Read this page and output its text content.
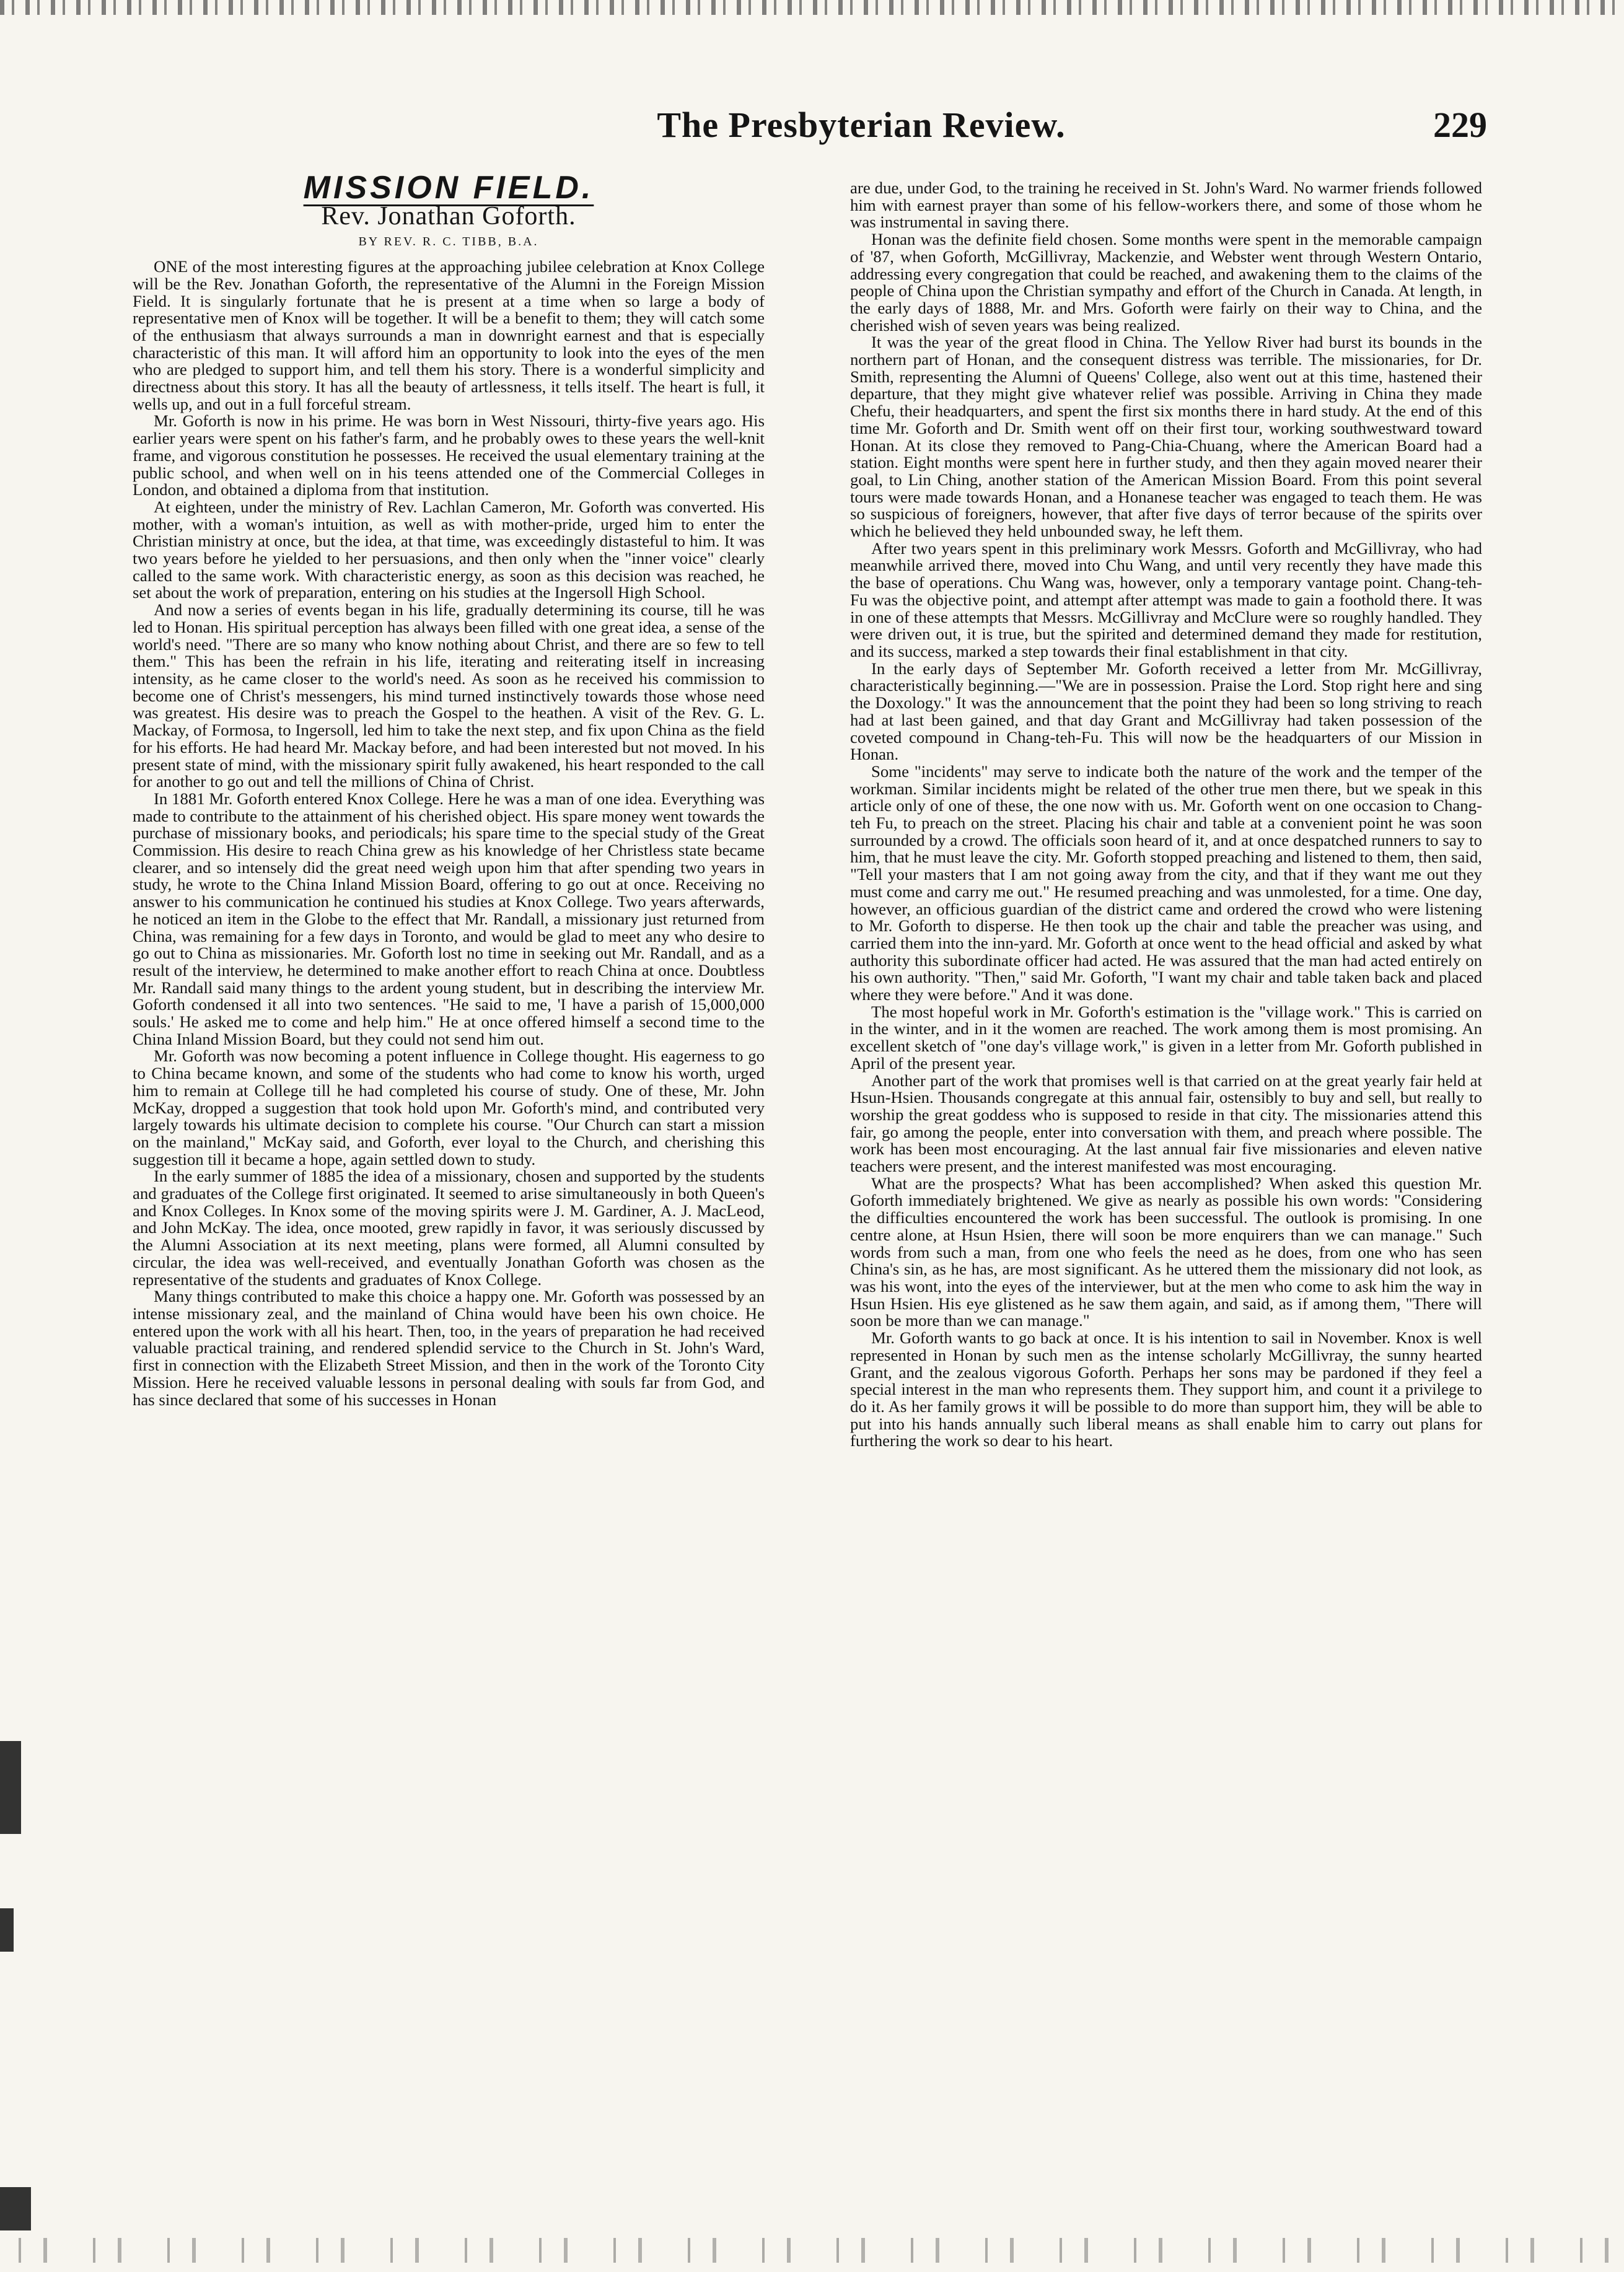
The Presbyterian Review.	229
MISSION FIELD.
Rev. Jonathan Goforth.
BY REV. R. C. TIBB, B.A.

ONE of the most interesting figures at the approaching jubilee celebration at Knox College will be the Rev. Jonathan Goforth, the representative of the Alumni in the Foreign Mission Field. It is singularly fortunate that he is present at a time when so large a body of representative men of Knox will be together. It will be a benefit to them; they will catch some of the enthusiasm that always surrounds a man in downright earnest and that is especially characteristic of this man. It will afford him an opportunity to look into the eyes of the men who are pledged to support him, and tell them his story. There is a wonderful simplicity and directness about this story. It has all the beauty of artlessness, it tells itself. The heart is full, it wells up, and out in a full forceful stream.

Mr. Goforth is now in his prime. He was born in West Nissouri, thirty-five years ago. His earlier years were spent on his father's farm, and he probably owes to these years the well-knit frame, and vigorous constitution he possesses. He received the usual elementary training at the public school, and when well on in his teens attended one of the Commercial Colleges in London, and obtained a diploma from that institution.

At eighteen, under the ministry of Rev. Lachlan Cameron, Mr. Goforth was converted. His mother, with a woman's intuition, as well as with mother-pride, urged him to enter the Christian ministry at once, but the idea, at that time, was exceedingly distasteful to him. It was two years before he yielded to her persuasions, and then only when the "inner voice" clearly called to the same work. With characteristic energy, as soon as this decision was reached, he set about the work of preparation, entering on his studies at the Ingersoll High School.

And now a series of events began in his life, gradually determining its course, till he was led to Honan. His spiritual perception has always been filled with one great idea, a sense of the world's need. "There are so many who know nothing about Christ, and there are so few to tell them." This has been the refrain in his life, iterating and reiterating itself in increasing intensity, as he came closer to the world's need. As soon as he received his commission to become one of Christ's messengers, his mind turned instinctively towards those whose need was greatest. His desire was to preach the Gospel to the heathen. A visit of the Rev. G. L. Mackay, of Formosa, to Ingersoll, led him to take the next step, and fix upon China as the field for his efforts. He had heard Mr. Mackay before, and had been interested but not moved. In his present state of mind, with the missionary spirit fully awakened, his heart responded to the call for another to go out and tell the millions of China of Christ.

In 1881 Mr. Goforth entered Knox College. Here he was a man of one idea. Everything was made to contribute to the attainment of his cherished object. His spare money went towards the purchase of missionary books, and periodicals; his spare time to the special study of the Great Commission. His desire to reach China grew as his knowledge of her Christless state became clearer, and so intensely did the great need weigh upon him that after spending two years in study, he wrote to the China Inland Mission Board, offering to go out at once. Receiving no answer to his communication he continued his studies at Knox College. Two years afterwards, he noticed an item in the Globe to the effect that Mr. Randall, a missionary just returned from China, was remaining for a few days in Toronto, and would be glad to meet any who desire to go out to China as missionaries. Mr. Goforth lost no time in seeking out Mr. Randall, and as a result of the interview, he determined to make another effort to reach China at once. Doubtless Mr. Randall said many things to the ardent young student, but in describing the interview Mr. Goforth condensed it all into two sentences. "He said to me, 'I have a parish of 15,000,000 souls.' He asked me to come and help him." He at once offered himself a second time to the China Inland Mission Board, but they could not send him out.

Mr. Goforth was now becoming a potent influence in College thought. His eagerness to go to China became known, and some of the students who had come to know his worth, urged him to remain at College till he had completed his course of study. One of these, Mr. John McKay, dropped a suggestion that took hold upon Mr. Goforth's mind, and contributed very largely towards his ultimate decision to complete his course. "Our Church can start a mission on the mainland," McKay said, and Goforth, ever loyal to the Church, and cherishing this suggestion till it became a hope, again settled down to study.

In the early summer of 1885 the idea of a missionary, chosen and supported by the students and graduates of the College first originated. It seemed to arise simultaneously in both Queen's and Knox Colleges. In Knox some of the moving spirits were J. M. Gardiner, A. J. MacLeod, and John McKay. The idea, once mooted, grew rapidly in favor, it was seriously discussed by the Alumni Association at its next meeting, plans were formed, all Alumni consulted by circular, the idea was well-received, and eventually Jonathan Goforth was chosen as the representative of the students and graduates of Knox College.

Many things contributed to make this choice a happy one. Mr. Goforth was possessed by an intense missionary zeal, and the mainland of China would have been his own choice. He entered upon the work with all his heart. Then, too, in the years of preparation he had received valuable practical training, and rendered splendid service to the Church in St. John's Ward, first in connection with the Elizabeth Street Mission, and then in the work of the Toronto City Mission. Here he received valuable lessons in personal dealing with souls far from God, and has since declared that some of his successes in Honan

are due, under God, to the training he received in St. John's Ward. No warmer friends followed him with earnest prayer than some of his fellow-workers there, and some of those whom he was instrumental in saving there.

Honan was the definite field chosen. Some months were spent in the memorable campaign of '87, when Goforth, McGillivray, Mackenzie, and Webster went through Western Ontario, addressing every congregation that could be reached, and awakening them to the claims of the people of China upon the Christian sympathy and effort of the Church in Canada. At length, in the early days of 1888, Mr. and Mrs. Goforth were fairly on their way to China, and the cherished wish of seven years was being realized.

It was the year of the great flood in China. The Yellow River had burst its bounds in the northern part of Honan, and the consequent distress was terrible. The missionaries, for Dr. Smith, representing the Alumni of Queens' College, also went out at this time, hastened their departure, that they might give whatever relief was possible. Arriving in China they made Chefu, their headquarters, and spent the first six months there in hard study. At the end of this time Mr. Goforth and Dr. Smith went off on their first tour, working southwestward toward Honan. At its close they removed to Pang-Chia-Chuang, where the American Board had a station. Eight months were spent here in further study, and then they again moved nearer their goal, to Lin Ching, another station of the American Mission Board. From this point several tours were made towards Honan, and a Honanese teacher was engaged to teach them. He was so suspicious of foreigners, however, that after five days of terror because of the spirits over which he believed they held unbounded sway, he left them.

After two years spent in this preliminary work Messrs. Goforth and McGillivray, who had meanwhile arrived there, moved into Chu Wang, and until very recently they have made this the base of operations. Chu Wang was, however, only a temporary vantage point. Chang-teh-Fu was the objective point, and attempt after attempt was made to gain a foothold there. It was in one of these attempts that Messrs. McGillivray and McClure were so roughly handled. They were driven out, it is true, but the spirited and determined demand they made for restitution, and its success, marked a step towards their final establishment in that city.

In the early days of September Mr. Goforth received a letter from Mr. McGillivray, characteristically beginning.—"We are in possession. Praise the Lord. Stop right here and sing the Doxology." It was the announcement that the point they had been so long striving to reach had at last been gained, and that day Grant and McGillivray had taken possession of the coveted compound in Chang-teh-Fu. This will now be the headquarters of our Mission in Honan.

Some "incidents" may serve to indicate both the nature of the work and the temper of the workman. Similar incidents might be related of the other true men there, but we speak in this article only of one of these, the one now with us. Mr. Goforth went on one occasion to Chang-teh Fu, to preach on the street. Placing his chair and table at a convenient point he was soon surrounded by a crowd. The officials soon heard of it, and at once despatched runners to say to him, that he must leave the city. Mr. Goforth stopped preaching and listened to them, then said, "Tell your masters that I am not going away from the city, and that if they want me out they must come and carry me out." He resumed preaching and was unmolested, for a time. One day, however, an officious guardian of the district came and ordered the crowd who were listening to Mr. Goforth to disperse. He then took up the chair and table the preacher was using, and carried them into the inn-yard. Mr. Goforth at once went to the head official and asked by what authority this subordinate officer had acted. He was assured that the man had acted entirely on his own authority. "Then," said Mr. Goforth, "I want my chair and table taken back and placed where they were before." And it was done.

The most hopeful work in Mr. Goforth's estimation is the "village work." This is carried on in the winter, and in it the women are reached. The work among them is most promising. An excellent sketch of "one day's village work," is given in a letter from Mr. Goforth published in April of the present year.

Another part of the work that promises well is that carried on at the great yearly fair held at Hsun-Hsien. Thousands congregate at this annual fair, ostensibly to buy and sell, but really to worship the great goddess who is supposed to reside in that city. The missionaries attend this fair, go among the people, enter into conversation with them, and preach where possible. The work has been most encouraging. At the last annual fair five missionaries and eleven native teachers were present, and the interest manifested was most encouraging.

What are the prospects? What has been accomplished? When asked this question Mr. Goforth immediately brightened. We give as nearly as possible his own words: "Considering the difficulties encountered the work has been successful. The outlook is promising. In one centre alone, at Hsun Hsien, there will soon be more enquirers than we can manage." Such words from such a man, from one who feels the need as he does, from one who has seen China's sin, as he has, are most significant. As he uttered them the missionary did not look, as was his wont, into the eyes of the interviewer, but at the men who come to ask him the way in Hsun Hsien. His eye glistened as he saw them again, and said, as if among them, "There will soon be more than we can manage."

Mr. Goforth wants to go back at once. It is his intention to sail in November. Knox is well represented in Honan by such men as the intense scholarly McGillivray, the sunny hearted Grant, and the zealous vigorous Goforth. Perhaps her sons may be pardoned if they feel a special interest in the man who represents them. They support him, and count it a privilege to do it. As her family grows it will be possible to do more than support him, they will be able to put into his hands annually such liberal means as shall enable him to carry out plans for furthering the work so dear to his heart.
